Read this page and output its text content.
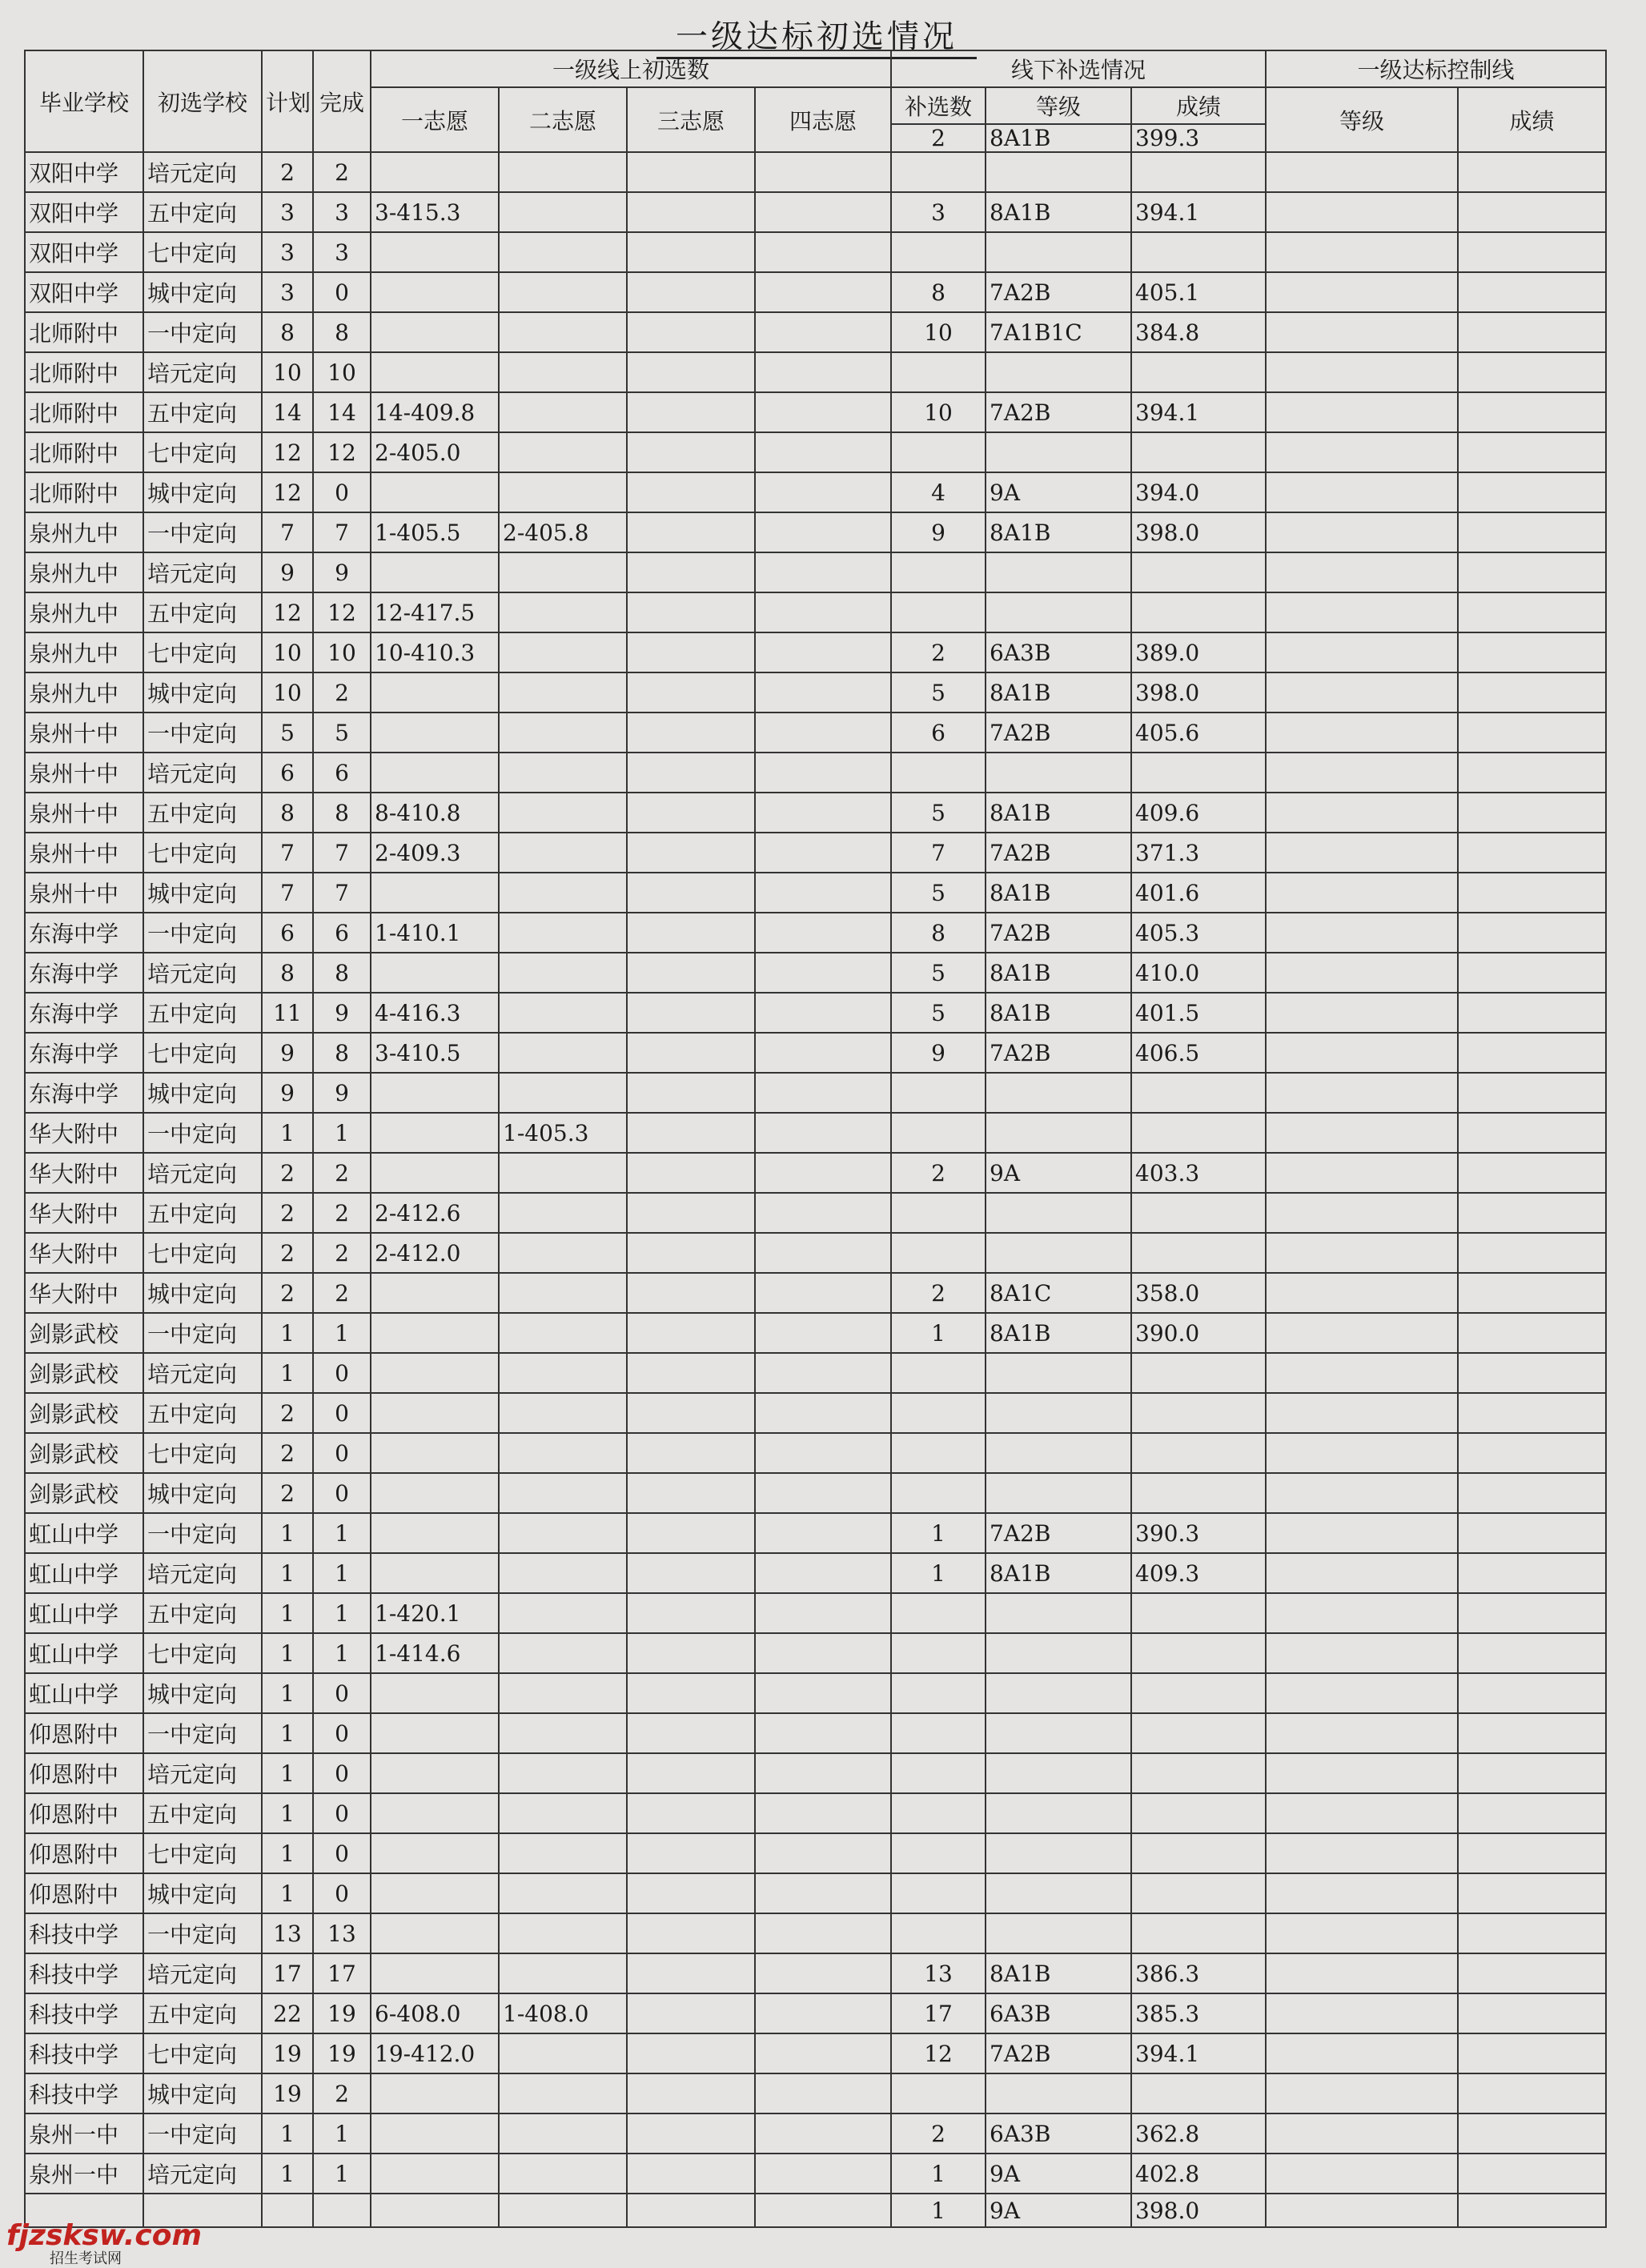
一级达标初选情况
毕业学校	初选学校	计划	完成	一级线上初选数				线下补选情况			一级达标控制线	
				一志愿	二志愿	三志愿	四志愿	补选数	等级	成绩	等级	成绩
								2	8A1B	399.3		
双阳中学	培元定向	2	2									
双阳中学	五中定向	3	3	3-415.3				3	8A1B	394.1		
双阳中学	七中定向	3	3									
双阳中学	城中定向	3	0					8	7A2B	405.1		
北师附中	一中定向	8	8					10	7A1B1C	384.8		
北师附中	培元定向	10	10									
北师附中	五中定向	14	14	14-409.8				10	7A2B	394.1		
北师附中	七中定向	12	12	2-405.0								
北师附中	城中定向	12	0					4	9A	394.0		
泉州九中	一中定向	7	7	1-405.5	2-405.8			9	8A1B	398.0		
泉州九中	培元定向	9	9									
泉州九中	五中定向	12	12	12-417.5								
泉州九中	七中定向	10	10	10-410.3				2	6A3B	389.0		
泉州九中	城中定向	10	2					5	8A1B	398.0		
泉州十中	一中定向	5	5					6	7A2B	405.6		
泉州十中	培元定向	6	6									
泉州十中	五中定向	8	8	8-410.8				5	8A1B	409.6		
泉州十中	七中定向	7	7	2-409.3				7	7A2B	371.3		
泉州十中	城中定向	7	7					5	8A1B	401.6		
东海中学	一中定向	6	6	1-410.1				8	7A2B	405.3		
东海中学	培元定向	8	8					5	8A1B	410.0		
东海中学	五中定向	11	9	4-416.3				5	8A1B	401.5		
东海中学	七中定向	9	8	3-410.5				9	7A2B	406.5		
东海中学	城中定向	9	9									
华大附中	一中定向	1	1		1-405.3							
华大附中	培元定向	2	2					2	9A	403.3		
华大附中	五中定向	2	2	2-412.6								
华大附中	七中定向	2	2	2-412.0								
华大附中	城中定向	2	2					2	8A1C	358.0		
剑影武校	一中定向	1	1					1	8A1B	390.0		
剑影武校	培元定向	1	0									
剑影武校	五中定向	2	0									
剑影武校	七中定向	2	0									
剑影武校	城中定向	2	0									
虹山中学	一中定向	1	1					1	7A2B	390.3		
虹山中学	培元定向	1	1					1	8A1B	409.3		
虹山中学	五中定向	1	1	1-420.1								
虹山中学	七中定向	1	1	1-414.6								
虹山中学	城中定向	1	0									
仰恩附中	一中定向	1	0									
仰恩附中	培元定向	1	0									
仰恩附中	五中定向	1	0									
仰恩附中	七中定向	1	0									
仰恩附中	城中定向	1	0									
科技中学	一中定向	13	13									
科技中学	培元定向	17	17					13	8A1B	386.3		
科技中学	五中定向	22	19	6-408.0	1-408.0			17	6A3B	385.3		
科技中学	七中定向	19	19	19-412.0				12	7A2B	394.1		
科技中学	城中定向	19	2									
泉州一中	一中定向	1	1					2	6A3B	362.8		
泉州一中	培元定向	1	1					1	9A	402.8		
								1	9A	398.0		
fjzsksw.com
招生考试网
